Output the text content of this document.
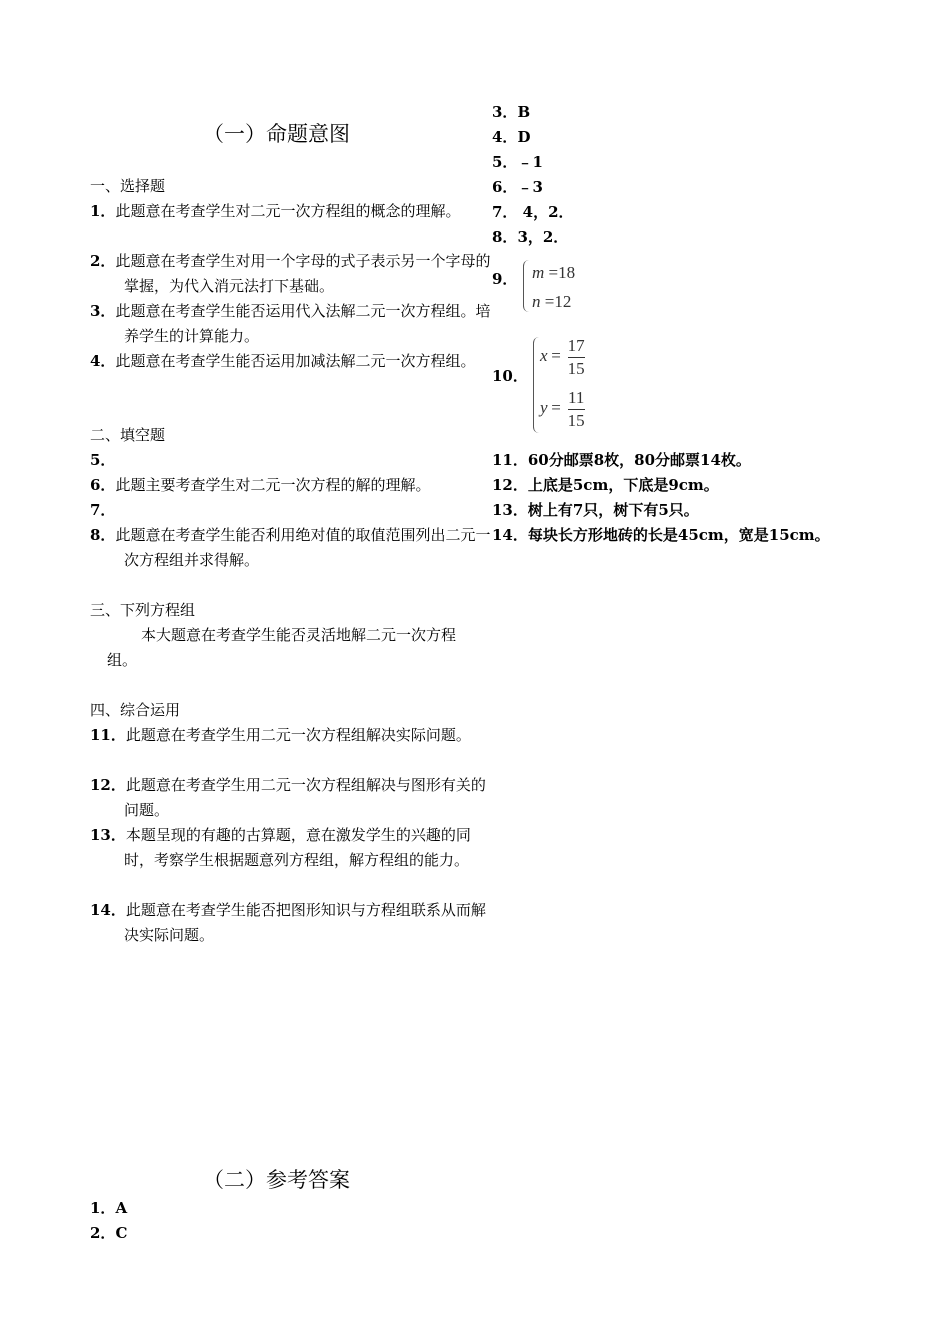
（一）命题意图
一、选择题
1．此题意在考查学生对二元一次方程组的概念的理解。
2．此题意在考查学生对用一个字母的式子表示另一个字母的掌握，为代入消元法打下基础。
3．此题意在考查学生能否运用代入法解二元一次方程组。培养学生的计算能力。
4．此题意在考查学生能否运用加减法解二元一次方程组。
二、填空题
5．
6．此题主要考查学生对二元一次方程的解的理解。
7．
8．此题意在考查学生能否利用绝对值的取值范围列出二元一次方程组并求得解。
三、下列方程组
本大题意在考查学生能否灵活地解二元一次方程组。
四、综合运用
11．此题意在考查学生用二元一次方程组解决实际问题。
12．此题意在考查学生用二元一次方程组解决与图形有关的问题。
13．本题呈现的有趣的古算题，意在激发学生的兴趣的同时，考察学生根据题意列方程组，解方程组的能力。
14．此题意在考查学生能否把图形知识与方程组联系从而解决实际问题。
（二）参考答案
1．A
2．C
3．B
4．D
5．﹣1
6．﹣3
7． 4，2．
8．3，2．
9． m =18
n =12
10．
$x = \frac{17}{15}$
$y = \frac{11}{15}$
11．60分邮票8枚，80分邮票14枚。
12．上底是5cm，下底是9cm。
13．树上有7只，树下有5只。
14．每块长方形地砖的长是45cm，宽是15cm。
